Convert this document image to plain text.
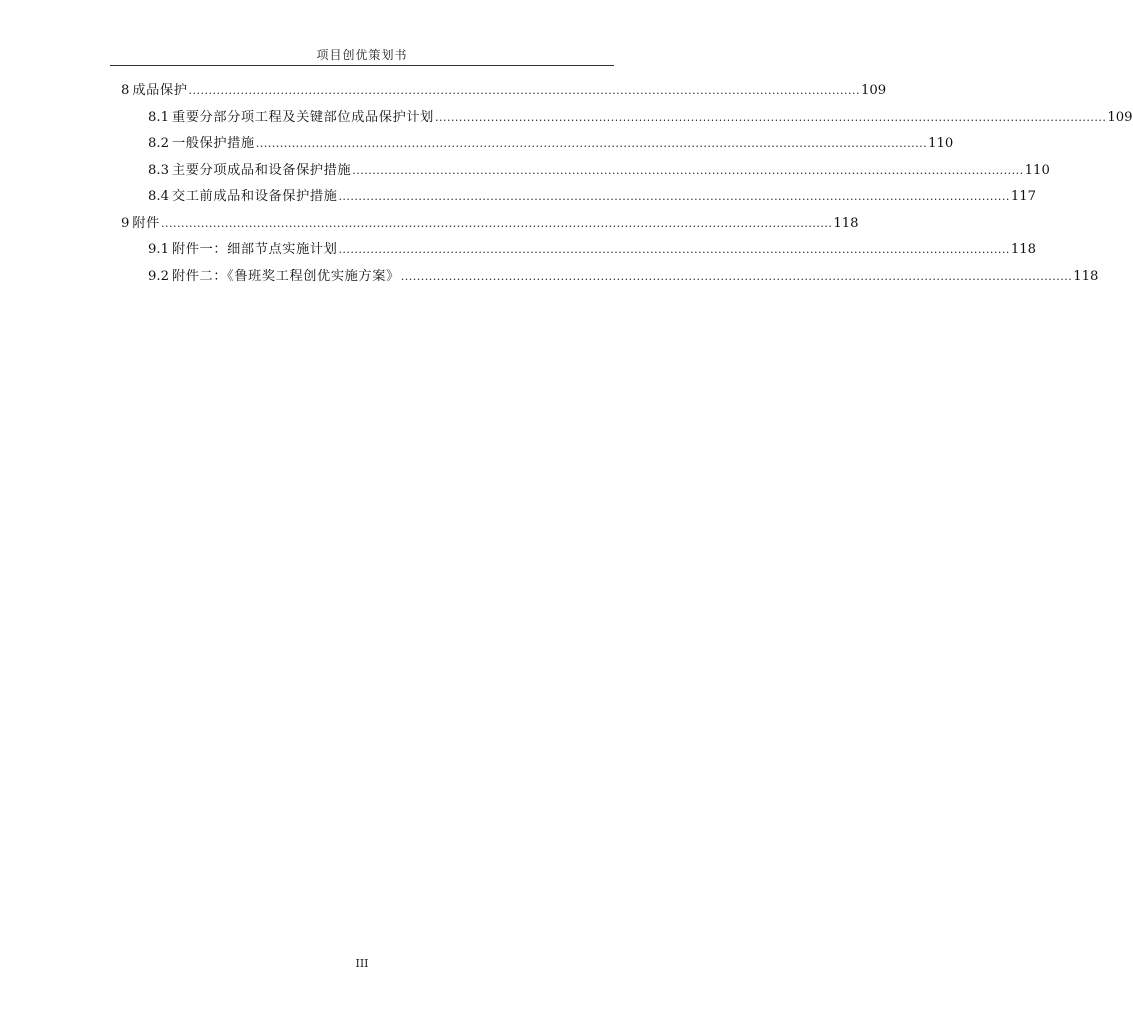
项目创优策划书
8 成品保护 ........................................................................................................................................................................ 109
8.1 重要分部分项工程及关键部位成品保护计划 ........................................................................................................................................................................ 109
8.2 一般保护措施 ........................................................................................................................................................................ 110
8.3 主要分项成品和设备保护措施 ........................................................................................................................................................................ 110
8.4 交工前成品和设备保护措施 ........................................................................................................................................................................ 117
9 附件 ........................................................................................................................................................................ 118
9.1 附件一：细部节点实施计划 ........................................................................................................................................................................ 118
9.2 附件二：《鲁班奖工程创优实施方案》 ........................................................................................................................................................................ 118
III
